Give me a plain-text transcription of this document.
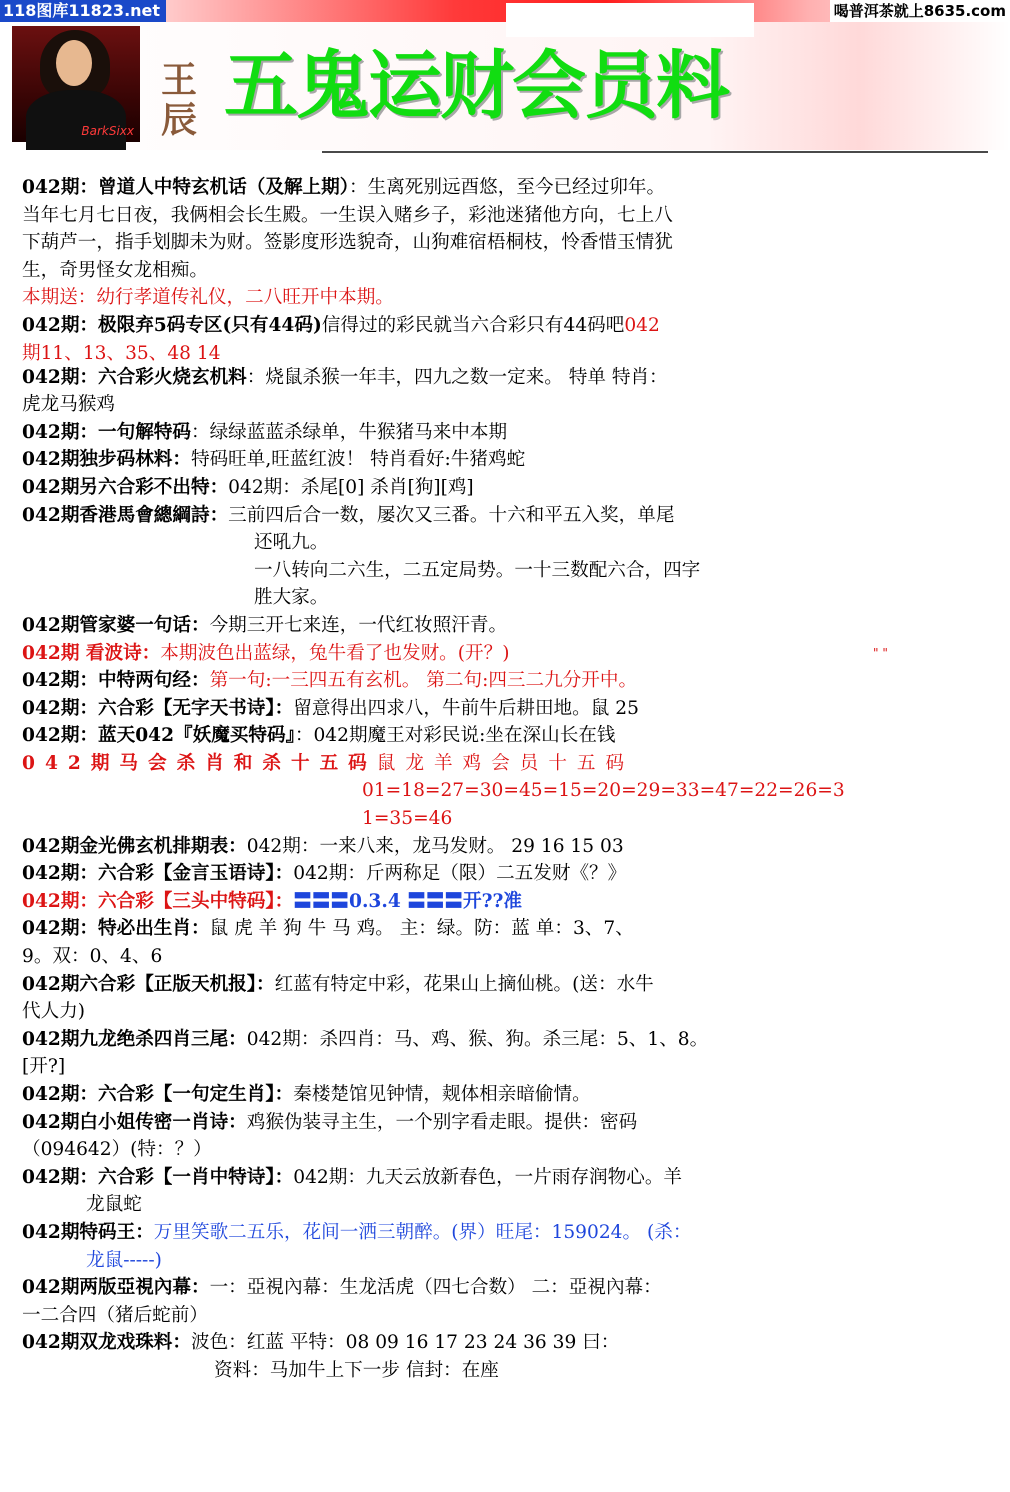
118图库11823.net	喝普洱茶就上8635.com
BarkSixx
王辰 五鬼运财会员料
042期：曾道人中特玄机话（及解上期）：生离死别远酉悠，至今已经过卯年。
当年七月七日夜，我俩相会长生殿。一生误入赌乡子，彩池迷猪他方向，七上八
下葫芦一，指手划脚未为财。签影度形选貌奇，山狗难宿梧桐枝，怜香惜玉情犹
生，奇男怪女龙相痴。
本期送：幼行孝道传礼仪，二八旺开中本期。
042期：极限弃5码专区(只有44码)信得过的彩民就当六合彩只有44码吧042
期11、13、35、48 14
042期：六合彩火烧玄机料：烧鼠杀猴一年丰，四九之数一定来。 特单 特肖：
虎龙马猴鸡
042期：一句解特码：绿绿蓝蓝杀绿单，牛猴猪马来中本期
042期独步码林料：特码旺单,旺蓝红波！ 特肖看好:牛猪鸡蛇
042期另六合彩不出特：042期：杀尾[0] 杀肖[狗][鸡]
042期香港馬會總綱詩：三前四后合一数，屡次又三番。十六和平五入奖，单尾
还吼九。
一八转向二六生，二五定局势。一十三数配六合，四字
胜大家。
042期管家婆一句话：今期三开七来连，一代红妆照汗青。
042期 看波诗：本期波色出蓝绿，兔牛看了也发财。(开？)
042期：中特两句经：第一句:一三四五有玄机。 第二句:四三二九分开中。
042期：六合彩【无字天书诗】：留意得出四求八，牛前牛后耕田地。鼠 25
042期：蓝天042『妖魔买特码』：042期魔王对彩民说:坐在深山长在钱
042期马会杀肖和杀十五码鼠龙羊鸡会员十五码
01=18=27=30=45=15=20=29=33=47=22=26=3
1=35=46
042期金光佛玄机排期表：042期：一来八来，龙马发财。 29 16 15 03
042期：六合彩【金言玉语诗】：042期：斤两称足（限）二五发财《？》
042期：六合彩【三头中特码】：〓〓〓0.3.4 〓〓〓开??准
042期：特必出生肖：鼠 虎 羊 狗 牛 马 鸡。 主：绿。防：蓝 单：3、7、
9。双：0、4、6
042期六合彩【正版天机报】：红蓝有特定中彩，花果山上摘仙桃。(送：水牛
代人力)
042期九龙绝杀四肖三尾：042期：杀四肖：马、鸡、猴、狗。杀三尾：5、1、8。
[开?]
042期：六合彩【一句定生肖】：秦楼楚馆见钟情，觌体相亲暗偷情。
042期白小姐传密一肖诗：鸡猴伪装寻主生，一个别字看走眼。提供：密码
（094642）(特：？）
042期：六合彩【一肖中特诗】：042期：九天云放新春色，一片雨存润物心。羊
龙鼠蛇
042期特码王：万里笑歌二五乐，花间一洒三朝醉。(界）旺尾：159024。 (杀：
龙鼠-----)
042期两版亞視內幕：一：亞視內幕：生龙活虎（四七合数） 二：亞視內幕：
一二合四（猪后蛇前）
042期双龙戏珠料：波色：红蓝 平特：08 09 16 17 23 24 36 39 曰：
资料：马加牛上下一步 信封：在座
" "
